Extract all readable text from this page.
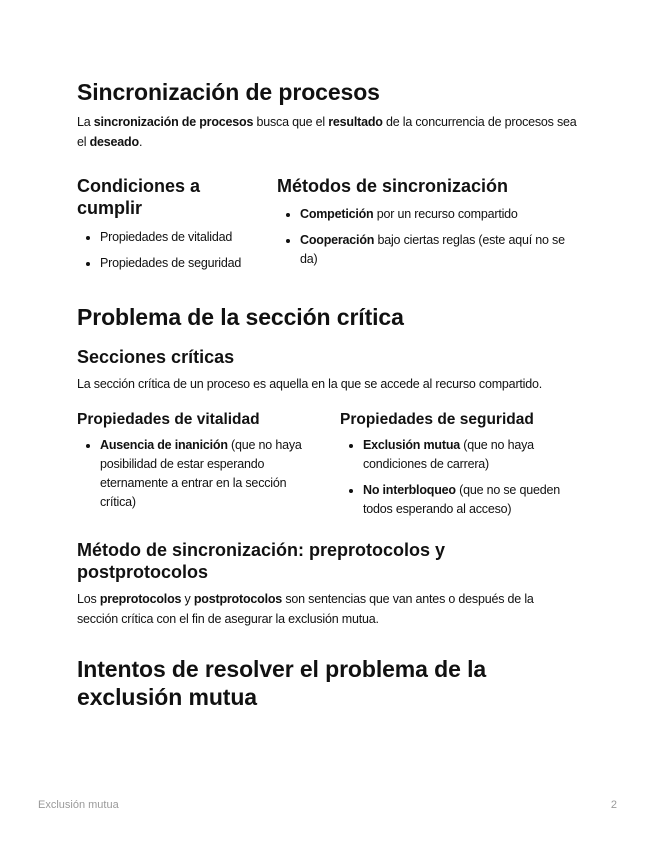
Sincronización de procesos

La sincronización de procesos busca que el resultado de la concurrencia de procesos sea el deseado.

Condiciones a cumplir
• Propiedades de vitalidad
• Propiedades de seguridad
Métodos de sincronización
• Competición por un recurso compartido
• Cooperación bajo ciertas reglas (este aquí no se da)
Problema de la sección crítica
Secciones críticas

La sección crítica de un proceso es aquella en la que se accede al recurso compartido.

Propiedades de vitalidad
• Ausencia de inanición (que no haya posibilidad de estar esperando eternamente a entrar en la sección crítica)
Propiedades de seguridad
• Exclusión mutua (que no haya condiciones de carrera)
• No interbloqueo (que no se queden todos esperando al acceso)
Método de sincronización: preprotocolos y postprotocolos

Los preprotocolos y postprotocolos son sentencias que van antes o después de la sección crítica con el fin de asegurar la exclusión mutua.

Intentos de resolver el problema de la exclusión mutua
Exclusión mutua	2
